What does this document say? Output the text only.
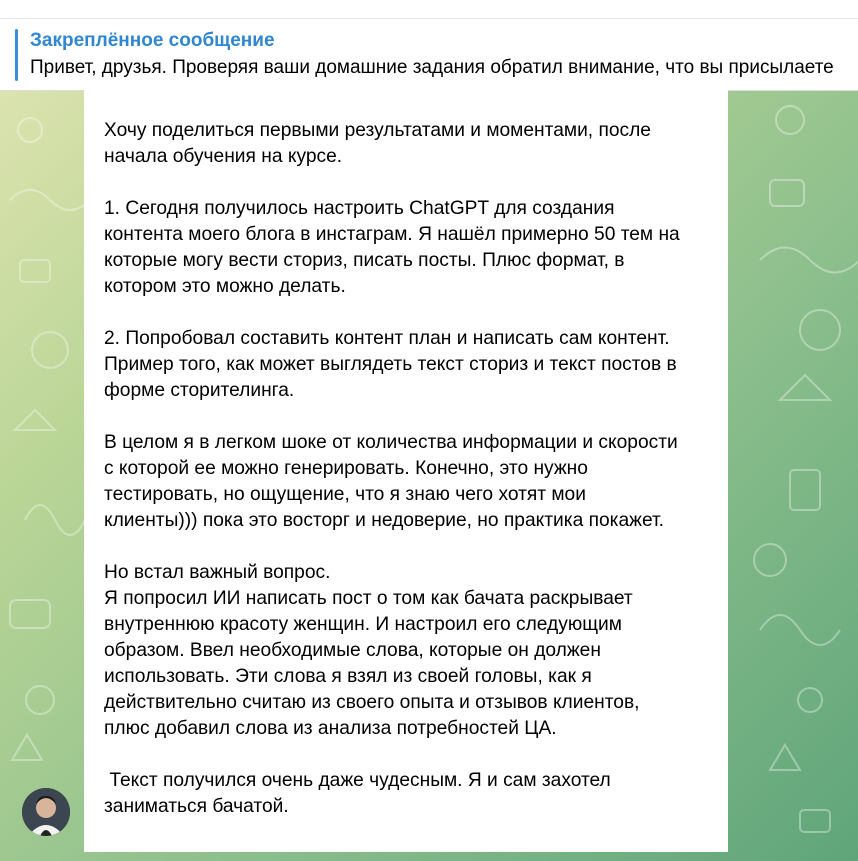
Закреплённое сообщение
Привет, друзья. Проверяя ваши домашние задания обратил внимание, что вы присылаете

Хочу поделиться первыми результатами и моментами, после
начала обучения на курсе.

1. Сегодня получилось настроить ChatGPT для создания
контента моего блога в инстаграм. Я нашёл примерно 50 тем на
которые могу вести сториз, писать посты. Плюс формат, в
котором это можно делать.

2. Попробовал составить контент план и написать сам контент.
Пример того, как может выглядеть текст сториз и текст постов в
форме сторителинга.

В целом я в легком шоке от количества информации и скорости
с которой ее можно генерировать. Конечно, это нужно
тестировать, но ощущение, что я знаю чего хотят мои
клиенты))) пока это восторг и недоверие, но практика покажет.

Но встал важный вопрос.
Я попросил ИИ написать пост о том как бачата раскрывает
внутреннюю красоту женщин. И настроил его следующим
образом. Ввел необходимые слова, которые он должен
использовать. Эти слова я взял из своей головы, как я
действительно считаю из своего опыта и отзывов клиентов,
плюс добавил слова из анализа потребностей ЦА.

Текст получился очень даже чудесным. Я и сам захотел
заниматься бачатой.
